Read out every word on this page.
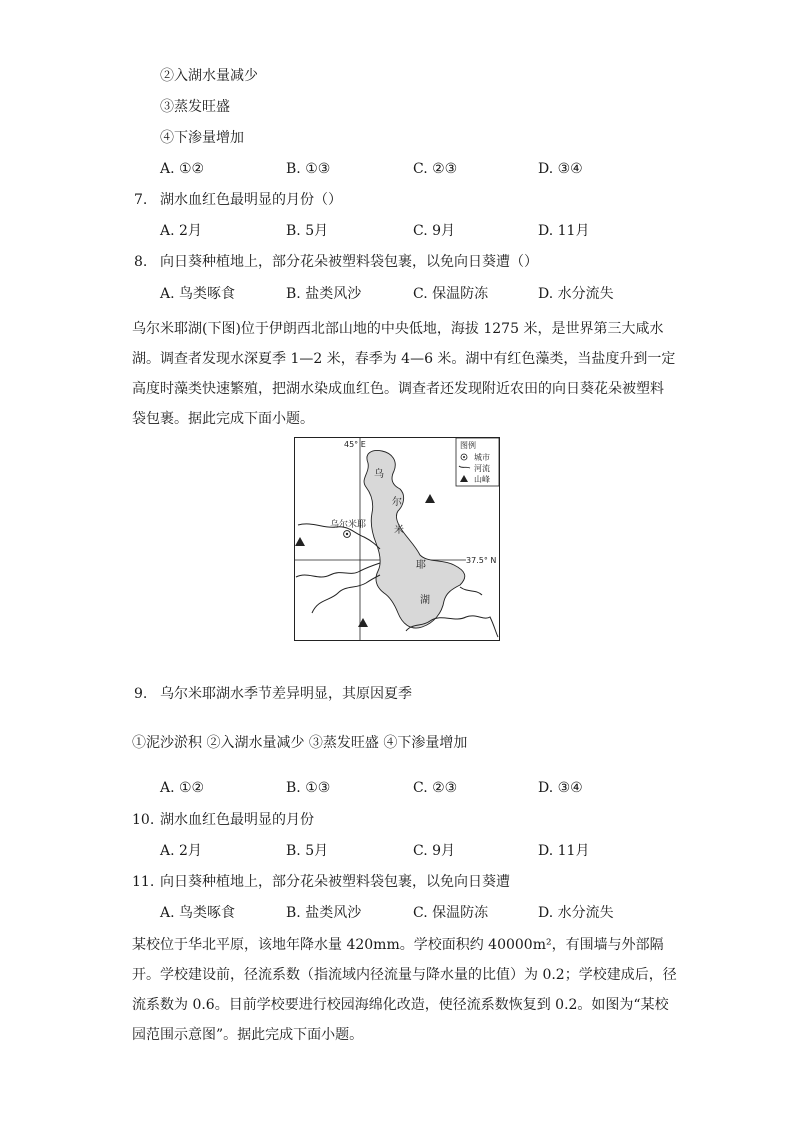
②入湖水量减少
③蒸发旺盛
④下渗量增加
A. ①②	B. ①③	C. ②③	D. ③④
7. 湖水血红色最明显的月份（）
A. 2月	B. 5月	C. 9月	D. 11月
8. 向日葵种植地上，部分花朵被塑料袋包裹，以免向日葵遭（）
A. 鸟类啄食	B. 盐类风沙	C. 保温防冻	D. 水分流失
乌尔米耶湖(下图)位于伊朗西北部山地的中央低地，海拔 1275 米，是世界第三大咸水湖。调查者发现水深夏季 1—2 米，春季为 4—6 米。湖中有红色藻类，当盐度升到一定高度时藻类快速繁殖，把湖水染成血红色。调查者还发现附近农田的向日葵花朵被塑料袋包裹。据此完成下面小题。
乌尔米耶
乌
尔
米
耶
湖
45° E
37.5° N
图例
城市
河流
山峰
9. 乌尔米耶湖水季节差异明显，其原因夏季
①泥沙淤积 ②入湖水量减少 ③蒸发旺盛 ④下渗量增加
A. ①②	B. ①③	C. ②③	D. ③④
10. 湖水血红色最明显的月份
A. 2月	B. 5月	C. 9月	D. 11月
11. 向日葵种植地上，部分花朵被塑料袋包裹，以免向日葵遭
A. 鸟类啄食	B. 盐类风沙	C. 保温防冻	D. 水分流失
某校位于华北平原，该地年降水量 420mm。学校面积约 40000m²，有围墙与外部隔开。学校建设前，径流系数（指流域内径流量与降水量的比值）为 0.2；学校建成后，径流系数为 0.6。目前学校要进行校园海绵化改造，使径流系数恢复到 0.2。如图为“某校园范围示意图”。据此完成下面小题。
